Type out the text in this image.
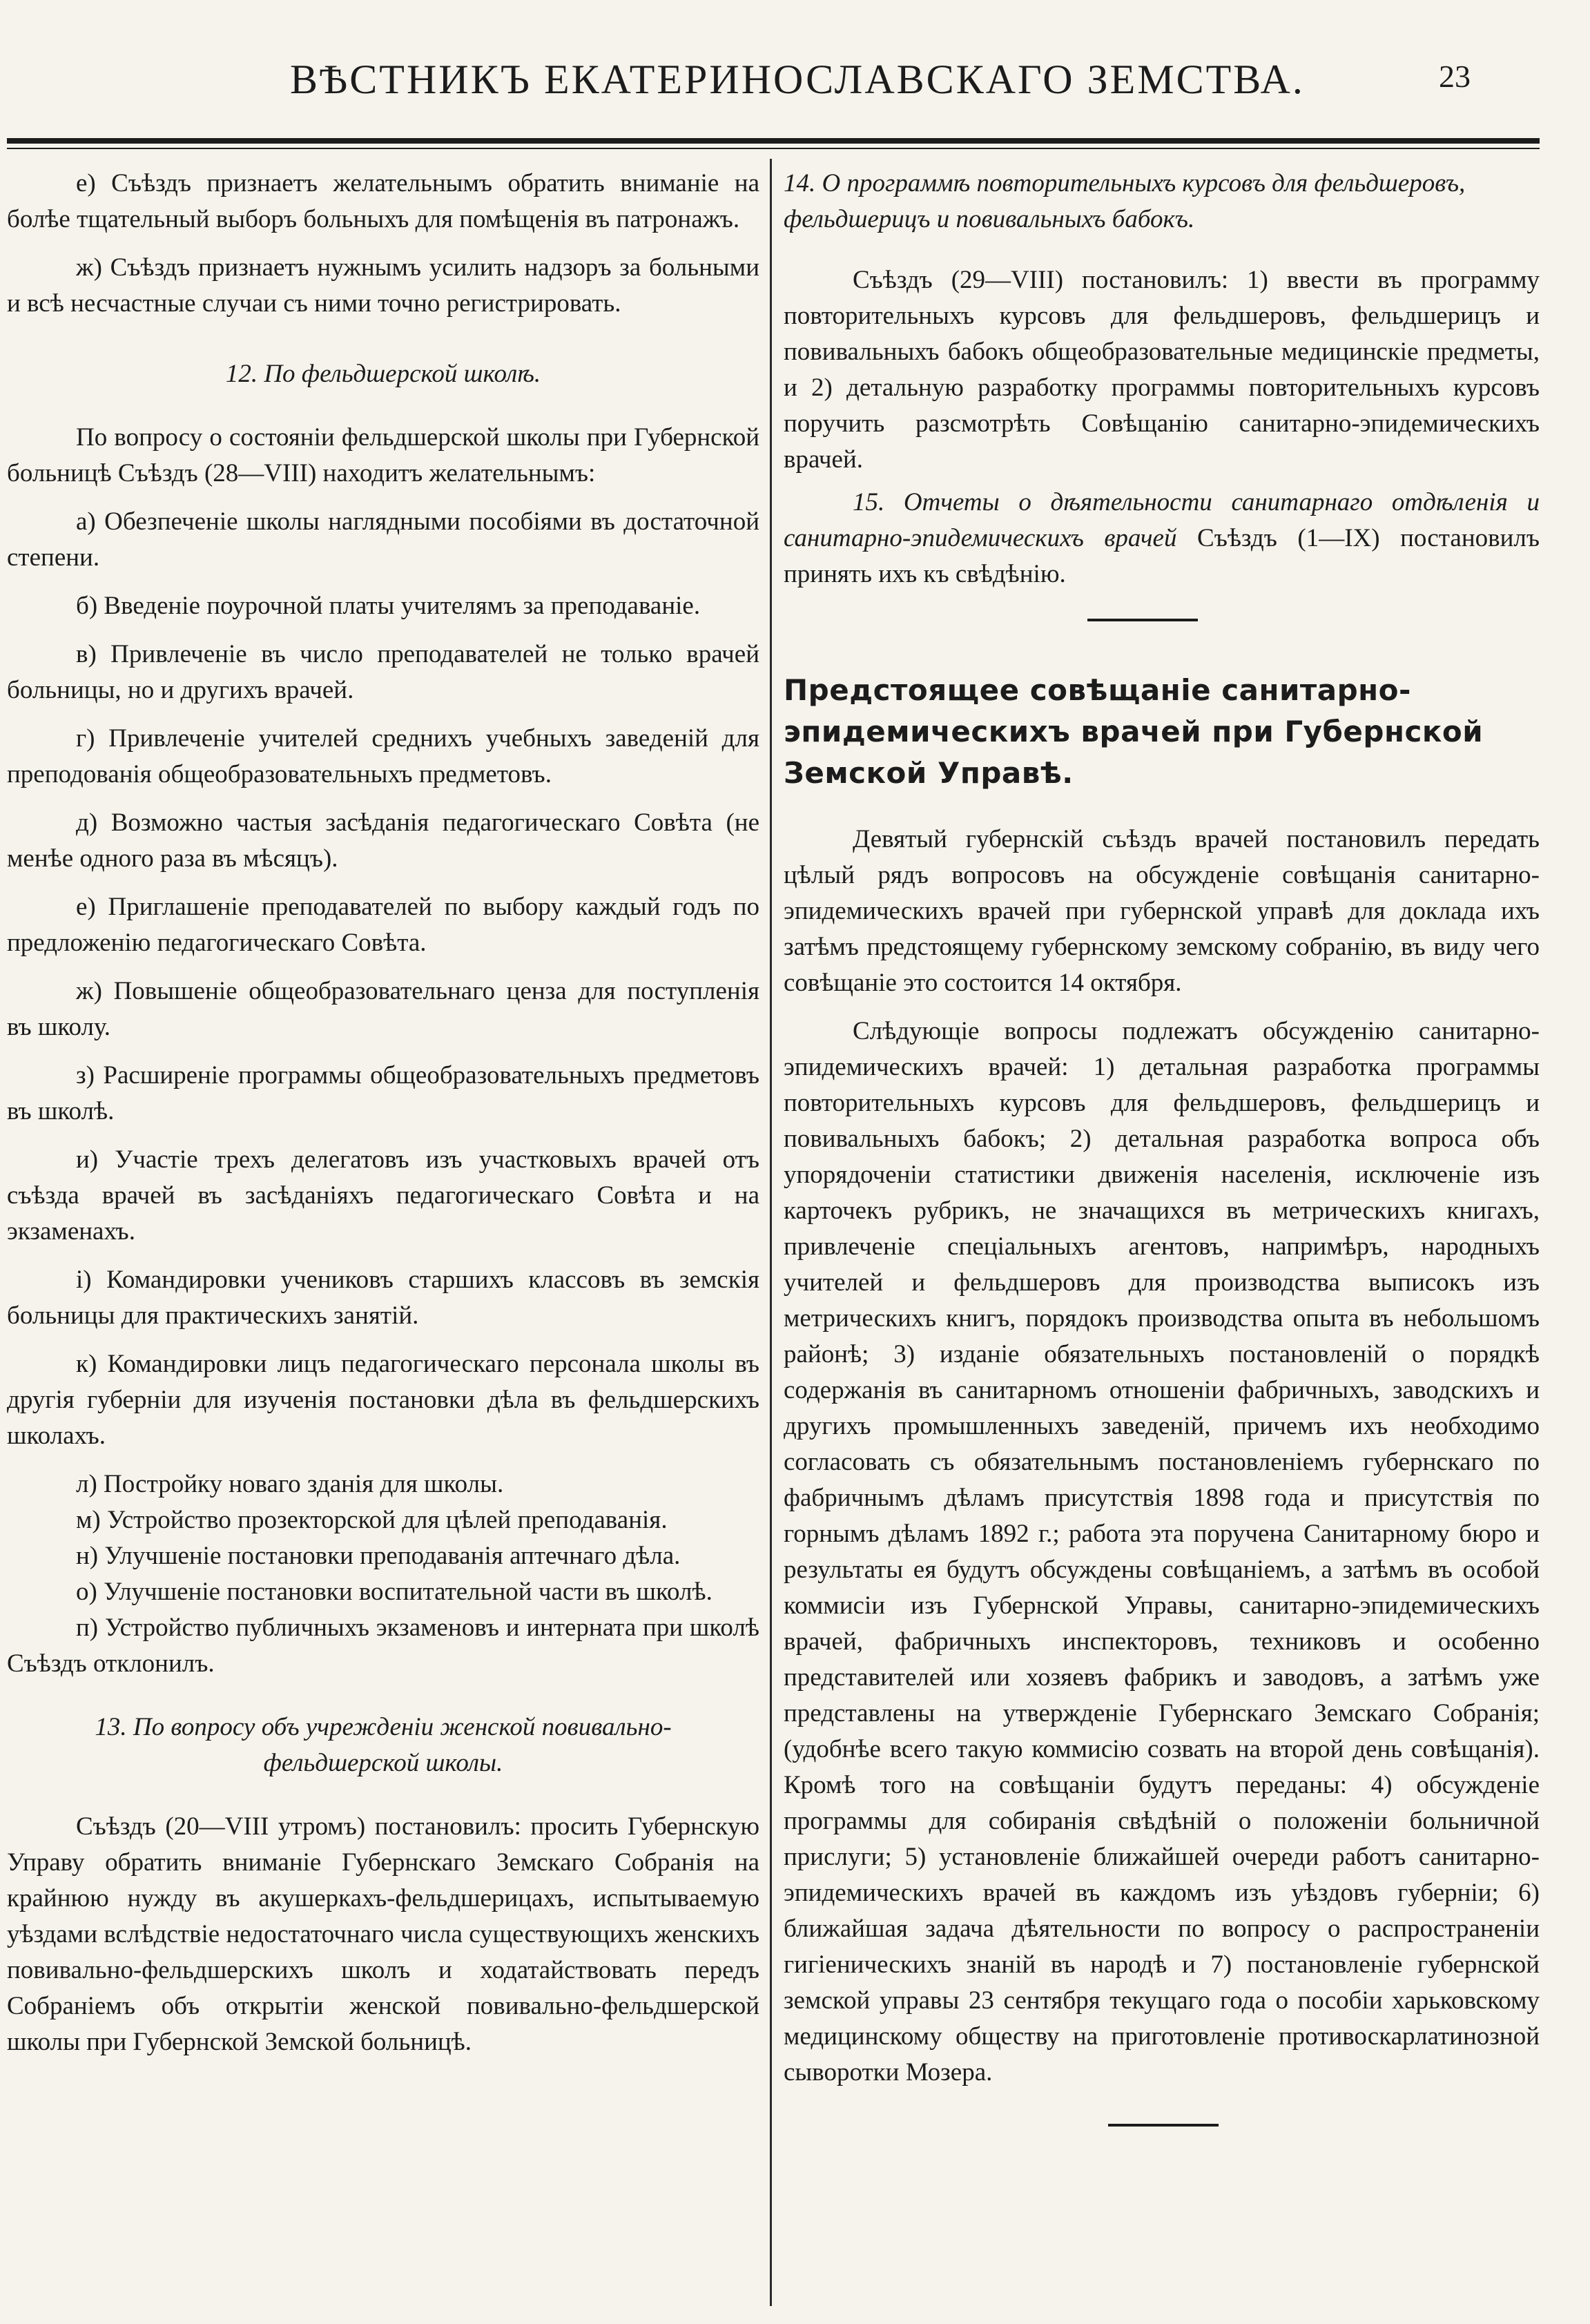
ВѢСТНИКЪ ЕКАТЕРИНОСЛАВСКАГО ЗЕМСТВА.	23

е) Съѣздъ признаетъ желательнымъ обратить вниманіе на болѣе тщательный выборъ больныхъ для помѣщенія въ патронажъ.

ж) Съѣздъ признаетъ нужнымъ усилить надзоръ за больными и всѣ несчастные случаи съ ними точно регистрировать.

12. По фельдшерской школѣ.

По вопросу о состояніи фельдшерской школы при Губернской больницѣ Съѣздъ (28—VIII) находитъ желательнымъ:

а) Обезпеченіе школы наглядными пособіями въ достаточной степени.

б) Введеніе поурочной платы учителямъ за преподаваніе.

в) Привлеченіе въ число преподавателей не только врачей больницы, но и другихъ врачей.

г) Привлеченіе учителей среднихъ учебныхъ заведеній для преподованія общеобразовательныхъ предметовъ.

д) Возможно частыя засѣданія педагогическаго Совѣта (не менѣе одного раза въ мѣсяцъ).

е) Приглашеніе преподавателей по выбору каждый годъ по предложенію педагогическаго Совѣта.

ж) Повышеніе общеобразовательнаго ценза для поступленія въ школу.

з) Расширеніе программы общеобразовательныхъ предметовъ въ школѣ.

и) Участіе трехъ делегатовъ изъ участковыхъ врачей отъ съѣзда врачей въ засѣданіяхъ педагогическаго Совѣта и на экзаменахъ.

і) Командировки учениковъ старшихъ классовъ въ земскія больницы для практическихъ занятій.

к) Командировки лицъ педагогическаго персонала школы въ другія губерніи для изученія постановки дѣла въ фельдшерскихъ школахъ.

л) Постройку новаго зданія для школы.

м) Устройство прозекторской для цѣлей преподаванія.

н) Улучшеніе постановки преподаванія аптечнаго дѣла.

о) Улучшеніе постановки воспитательной части въ школѣ.

п) Устройство публичныхъ экзаменовъ и интерната при школѣ Съѣздъ отклонилъ.

13. По вопросу объ учрежденіи женской повивально-фельдшерской школы.

Съѣздъ (20—VIII утромъ) постановилъ: просить Губернскую Управу обратить вниманіе Губернскаго Земскаго Собранія на крайнюю нужду въ акушеркахъ-фельдшерицахъ, испытываемую уѣздами вслѣдствіе недостаточнаго числа существующихъ женскихъ повивально-фельдшерскихъ школъ и ходатайствовать передъ Собраніемъ объ открытіи женской повивально-фельдшерской школы при Губернской Земской больницѣ.

14. О программѣ повторительныхъ курсовъ для фельдшеровъ, фельдшерицъ и повивальныхъ бабокъ.

Съѣздъ (29—VIII) постановилъ: 1) ввести въ программу повторительныхъ курсовъ для фельдшеровъ, фельдшерицъ и повивальныхъ бабокъ общеобразовательные медицинскіе предметы, и 2) детальную разработку программы повторительныхъ курсовъ поручить разсмотрѣть Совѣщанію санитарно-эпидемическихъ врачей.

15. Отчеты о дѣятельности санитарнаго отдѣленія и санитарно-эпидемическихъ врачей Съѣздъ (1—IX) постановилъ принять ихъ къ свѣдѣнію.

Предстоящее совѣщаніе санитарно-эпидемическихъ врачей при Губернской Земской Управѣ.

Девятый губернскій съѣздъ врачей постановилъ передать цѣлый рядъ вопросовъ на обсужденіе совѣщанія санитарно-эпидемическихъ врачей при губернской управѣ для доклада ихъ затѣмъ предстоящему губернскому земскому собранію, въ виду чего совѣщаніе это состоится 14 октября.

Слѣдующіе вопросы подлежатъ обсужденію санитарно-эпидемическихъ врачей: 1) детальная разработка программы повторительныхъ курсовъ для фельдшеровъ, фельдшерицъ и повивальныхъ бабокъ; 2) детальная разработка вопроса объ упорядоченіи статистики движенія населенія, исключеніе изъ карточекъ рубрикъ, не значащихся въ метрическихъ книгахъ, привлеченіе спеціальныхъ агентовъ, напримѣръ, народныхъ учителей и фельдшеровъ для производства выписокъ изъ метрическихъ книгъ, порядокъ производства опыта въ небольшомъ районѣ; 3) изданіе обязательныхъ постановленій о порядкѣ содержанія въ санитарномъ отношеніи фабричныхъ, заводскихъ и другихъ промышленныхъ заведеній, причемъ ихъ необходимо согласовать съ обязательнымъ постановленіемъ губернскаго по фабричнымъ дѣламъ присутствія 1898 года и присутствія по горнымъ дѣламъ 1892 г.; работа эта поручена Санитарному бюро и результаты ея будутъ обсуждены совѣщаніемъ, а затѣмъ въ особой коммисіи изъ Губернской Управы, санитарно-эпидемическихъ врачей, фабричныхъ инспекторовъ, техниковъ и особенно представителей или хозяевъ фабрикъ и заводовъ, а затѣмъ уже представлены на утвержденіе Губернскаго Земскаго Собранія; (удобнѣе всего такую коммисію созвать на второй день совѣщанія). Кромѣ того на совѣщаніи будутъ переданы: 4) обсужденіе программы для собиранія свѣдѣній о положеніи больничной прислуги; 5) установленіе ближайшей очереди работъ санитарно-эпидемическихъ врачей въ каждомъ изъ уѣздовъ губерніи; 6) ближайшая задача дѣятельности по вопросу о распространеніи гигіеническихъ знаній въ народѣ и 7) постановленіе губернской земской управы 23 сентября текущаго года о пособіи харьковскому медицинскому обществу на приготовленіе противоскарлатинозной сыворотки Мозера.
